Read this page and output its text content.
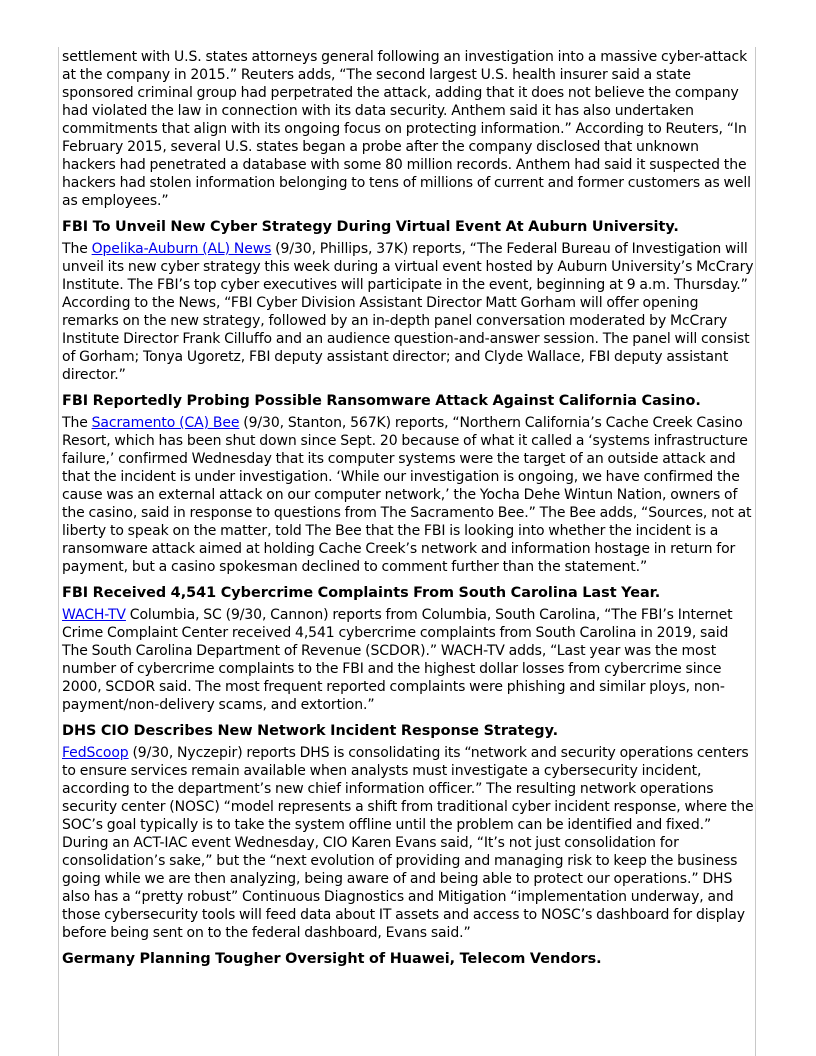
settlement with U.S. states attorneys general following an investigation into a massive cyber-attack at the company in 2015.” Reuters adds, “The second largest U.S. health insurer said a state sponsored criminal group had perpetrated the attack, adding that it does not believe the company had violated the law in connection with its data security. Anthem said it has also undertaken commitments that align with its ongoing focus on protecting information.” According to Reuters, “In February 2015, several U.S. states began a probe after the company disclosed that unknown hackers had penetrated a database with some 80 million records. Anthem had said it suspected the hackers had stolen information belonging to tens of millions of current and former customers as well as employees.”

FBI To Unveil New Cyber Strategy During Virtual Event At Auburn University.

The Opelika-Auburn (AL) News (9/30, Phillips, 37K) reports, “The Federal Bureau of Investigation will unveil its new cyber strategy this week during a virtual event hosted by Auburn University’s McCrary Institute. The FBI’s top cyber executives will participate in the event, beginning at 9 a.m. Thursday.” According to the News, “FBI Cyber Division Assistant Director Matt Gorham will offer opening remarks on the new strategy, followed by an in-depth panel conversation moderated by McCrary Institute Director Frank Cilluffo and an audience question-and-answer session. The panel will consist of Gorham; Tonya Ugoretz, FBI deputy assistant director; and Clyde Wallace, FBI deputy assistant director.”

FBI Reportedly Probing Possible Ransomware Attack Against California Casino.

The Sacramento (CA) Bee (9/30, Stanton, 567K) reports, “Northern California’s Cache Creek Casino Resort, which has been shut down since Sept. 20 because of what it called a ‘systems infrastructure failure,’ confirmed Wednesday that its computer systems were the target of an outside attack and that the incident is under investigation. ‘While our investigation is ongoing, we have confirmed the cause was an external attack on our computer network,’ the Yocha Dehe Wintun Nation, owners of the casino, said in response to questions from The Sacramento Bee.” The Bee adds, “Sources, not at liberty to speak on the matter, told The Bee that the FBI is looking into whether the incident is a ransomware attack aimed at holding Cache Creek’s network and information hostage in return for payment, but a casino spokesman declined to comment further than the statement.”

FBI Received 4,541 Cybercrime Complaints From South Carolina Last Year.

WACH-TV Columbia, SC (9/30, Cannon) reports from Columbia, South Carolina, “The FBI’s Internet Crime Complaint Center received 4,541 cybercrime complaints from South Carolina in 2019, said The South Carolina Department of Revenue (SCDOR).” WACH-TV adds, “Last year was the most number of cybercrime complaints to the FBI and the highest dollar losses from cybercrime since 2000, SCDOR said. The most frequent reported complaints were phishing and similar ploys, non-payment/non-delivery scams, and extortion.”

DHS CIO Describes New Network Incident Response Strategy.

FedScoop (9/30, Nyczepir) reports DHS is consolidating its “network and security operations centers to ensure services remain available when analysts must investigate a cybersecurity incident, according to the department’s new chief information officer.” The resulting network operations security center (NOSC) “model represents a shift from traditional cyber incident response, where the SOC’s goal typically is to take the system offline until the problem can be identified and fixed.” During an ACT-IAC event Wednesday, CIO Karen Evans said, “It’s not just consolidation for consolidation’s sake,” but the “next evolution of providing and managing risk to keep the business going while we are then analyzing, being aware of and being able to protect our operations.” DHS also has a “pretty robust” Continuous Diagnostics and Mitigation “implementation underway, and those cybersecurity tools will feed data about IT assets and access to NOSC’s dashboard for display before being sent on to the federal dashboard, Evans said.”

Germany Planning Tougher Oversight of Huawei, Telecom Vendors.
